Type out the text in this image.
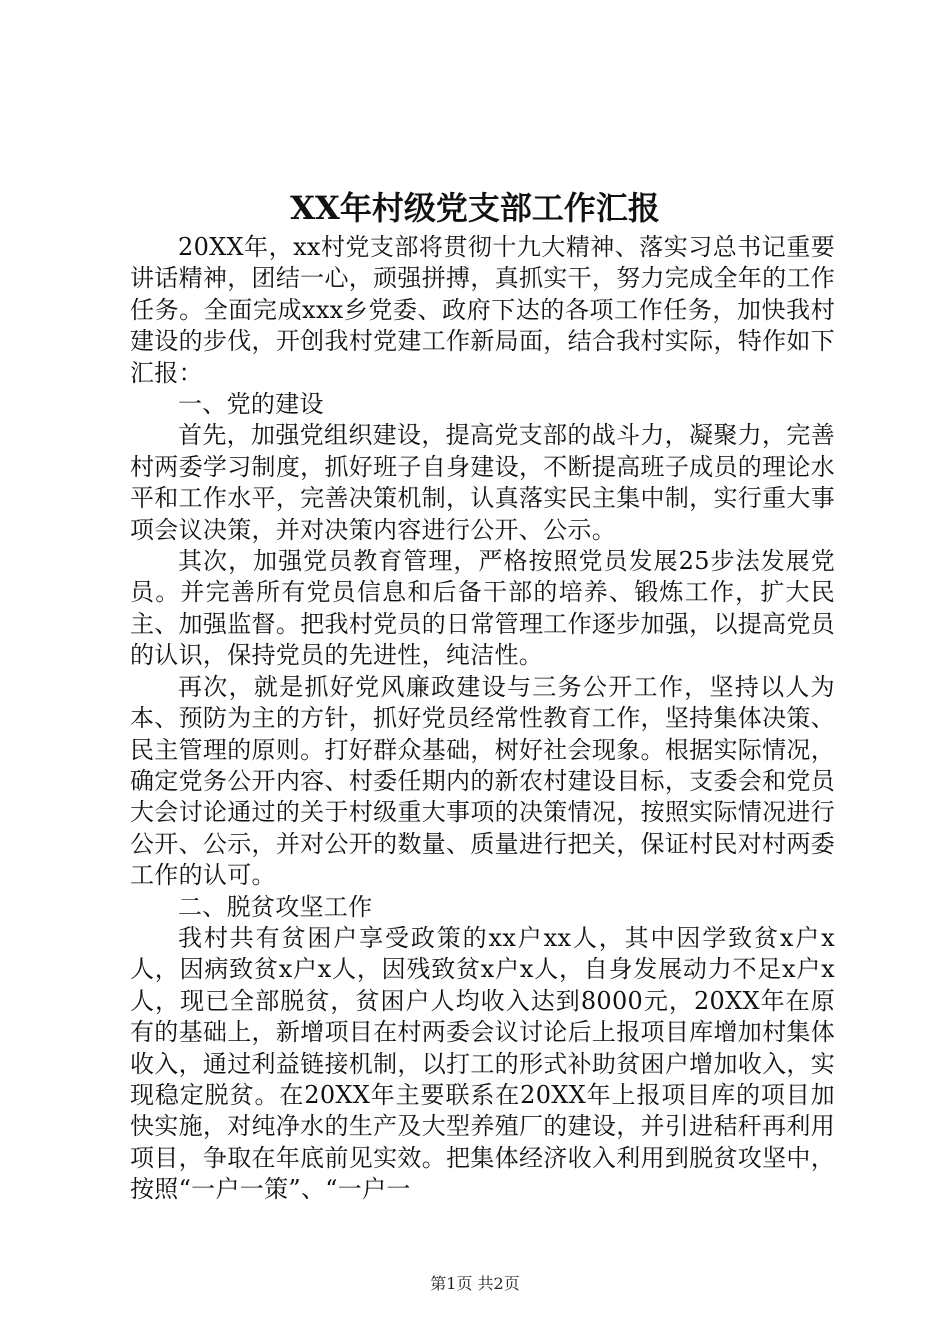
XX年村级党支部工作汇报

20XX年，xx村党支部将贯彻十九大精神、落实习总书记重要讲话精神，团结一心，顽强拼搏，真抓实干，努力完成全年的工作任务。全面完成xxx乡党委、政府下达的各项工作任务，加快我村建设的步伐，开创我村党建工作新局面，结合我村实际，特作如下汇报：

一、党的建设

首先，加强党组织建设，提高党支部的战斗力，凝聚力，完善村两委学习制度，抓好班子自身建设，不断提高班子成员的理论水平和工作水平，完善决策机制，认真落实民主集中制，实行重大事项会议决策，并对决策内容进行公开、公示。

其次，加强党员教育管理，严格按照党员发展25步法发展党员。并完善所有党员信息和后备干部的培养、锻炼工作，扩大民主、加强监督。把我村党员的日常管理工作逐步加强，以提高党员的认识，保持党员的先进性，纯洁性。

再次，就是抓好党风廉政建设与三务公开工作，坚持以人为本、预防为主的方针，抓好党员经常性教育工作，坚持集体决策、民主管理的原则。打好群众基础，树好社会现象。根据实际情况，确定党务公开内容、村委任期内的新农村建设目标，支委会和党员大会讨论通过的关于村级重大事项的决策情况，按照实际情况进行公开、公示，并对公开的数量、质量进行把关，保证村民对村两委工作的认可。

二、脱贫攻坚工作

我村共有贫困户享受政策的xx户xx人，其中因学致贫x户x人，因病致贫x户x人，因残致贫x户x人，自身发展动力不足x户x人，现已全部脱贫，贫困户人均收入达到8000元，20XX年在原有的基础上，新增项目在村两委会议讨论后上报项目库增加村集体收入，通过利益链接机制，以打工的形式补助贫困户增加收入，实现稳定脱贫。在20XX年主要联系在20XX年上报项目库的项目加快实施，对纯净水的生产及大型养殖厂的建设，并引进秸秆再利用项目，争取在年底前见实效。把集体经济收入利用到脱贫攻坚中，按照“一户一策”、“一户一

第1页 共2页
